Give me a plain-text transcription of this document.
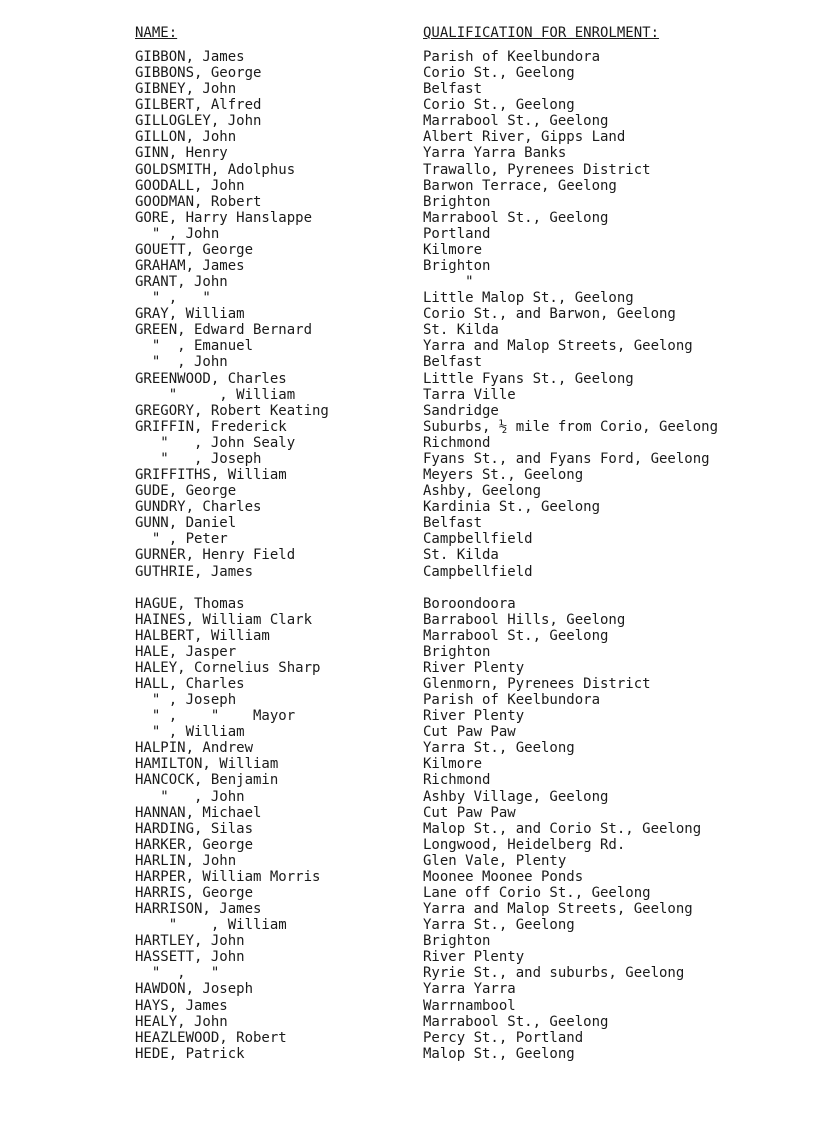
NAME:	QUALIFICATION FOR ENROLMENT:
GIBBON, James	Parish of Keelbundora
GIBBONS, George	Corio St., Geelong
GIBNEY, John	Belfast
GILBERT, Alfred	Corio St., Geelong
GILLOGLEY, John	Marrabool St., Geelong
GILLON, John	Albert River, Gipps Land
GINN, Henry	Yarra Yarra Banks
GOLDSMITH, Adolphus	Trawallo, Pyrenees District
GOODALL, John	Barwon Terrace, Geelong
GOODMAN, Robert	Brighton
GORE, Harry Hanslappe	Marrabool St., Geelong
" , John	Portland
GOUETT, George	Kilmore
GRAHAM, James	Brighton
GRANT, John	"
" ,   "	Little Malop St., Geelong
GRAY, William	Corio St., and Barwon, Geelong
GREEN, Edward Bernard	St. Kilda
"  , Emanuel	Yarra and Malop Streets, Geelong
"  , John	Belfast
GREENWOOD, Charles	Little Fyans St., Geelong
"     , William	Tarra Ville
GREGORY, Robert Keating	Sandridge
GRIFFIN, Frederick	Suburbs, ½ mile from Corio, Geelong
"   , John Sealy	Richmond
"   , Joseph	Fyans St., and Fyans Ford, Geelong
GRIFFITHS, William	Meyers St., Geelong
GUDE, George	Ashby, Geelong
GUNDRY, Charles	Kardinia St., Geelong
GUNN, Daniel	Belfast
" , Peter	Campbellfield
GURNER, Henry Field	St. Kilda
GUTHRIE, James	Campbellfield
HAGUE, Thomas	Boroondoora
HAINES, William Clark	Barrabool Hills, Geelong
HALBERT, William	Marrabool St., Geelong
HALE, Jasper	Brighton
HALEY, Cornelius Sharp	River Plenty
HALL, Charles	Glenmorn, Pyrenees District
" , Joseph	Parish of Keelbundora
" ,    "    Mayor	River Plenty
" , William	Cut Paw Paw
HALPIN, Andrew	Yarra St., Geelong
HAMILTON, William	Kilmore
HANCOCK, Benjamin	Richmond
"   , John	Ashby Village, Geelong
HANNAN, Michael	Cut Paw Paw
HARDING, Silas	Malop St., and Corio St., Geelong
HARKER, George	Longwood, Heidelberg Rd.
HARLIN, John	Glen Vale, Plenty
HARPER, William Morris	Moonee Moonee Ponds
HARRIS, George	Lane off Corio St., Geelong
HARRISON, James	Yarra and Malop Streets, Geelong
"    , William	Yarra St., Geelong
HARTLEY, John	Brighton
HASSETT, John	River Plenty
"  ,   "	Ryrie St., and suburbs, Geelong
HAWDON, Joseph	Yarra Yarra
HAYS, James	Warrnambool
HEALY, John	Marrabool St., Geelong
HEAZLEWOOD, Robert	Percy St., Portland
HEDE, Patrick	Malop St., Geelong
